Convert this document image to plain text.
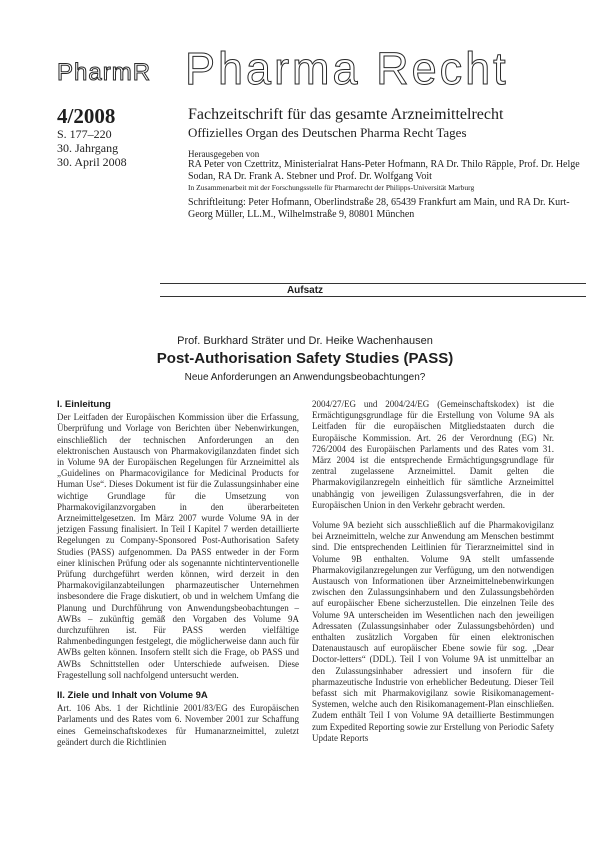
PharmR Pharma Recht
4/2008
S. 177–220
30. Jahrgang
30. April 2008
Fachzeitschrift für das gesamte Arzneimittelrecht
Offizielles Organ des Deutschen Pharma Recht Tages
Herausgegeben von
RA Peter von Czettritz, Ministerialrat Hans-Peter Hofmann, RA Dr. Thilo Räpple, Prof. Dr. Helge Sodan, RA Dr. Frank A. Stebner und Prof. Dr. Wolfgang Voit
In Zusammenarbeit mit der Forschungsstelle für Pharmarecht der Philipps-Universität Marburg
Schriftleitung: Peter Hofmann, Oberlindstraße 28, 65439 Frankfurt am Main, und RA Dr. Kurt-Georg Müller, LL.M., Wilhelmstraße 9, 80801 München
Aufsatz
Prof. Burkhard Sträter und Dr. Heike Wachenhausen
Post-Authorisation Safety Studies (PASS)
Neue Anforderungen an Anwendungsbeobachtungen?
I. Einleitung

Der Leitfaden der Europäischen Kommission über die Erfassung, Überprüfung und Vorlage von Berichten über Nebenwirkungen, einschließlich der technischen Anforderungen an den elektronischen Austausch von Pharmakovigilanzdaten findet sich in Volume 9A der Europäischen Regelungen für Arzneimittel als „Guidelines on Pharmacovigilance for Medicinal Products for Human Use“. Dieses Dokument ist für die Zulassungsinhaber eine wichtige Grundlage für die Umsetzung von Pharmakovigilanzvorgaben in den überarbeiteten Arzneimittelgesetzen. Im März 2007 wurde Volume 9A in der jetzigen Fassung finalisiert. In Teil I Kapitel 7 werden detaillierte Regelungen zu Company-Sponsored Post-Authorisation Safety Studies (PASS) aufgenommen. Da PASS entweder in der Form einer klinischen Prüfung oder als sogenannte nichtinterventionelle Prüfung durchgeführt werden können, wird derzeit in den Pharmakovigilanzabteilungen pharmazeutischer Unternehmen insbesondere die Frage diskutiert, ob und in welchem Umfang die Planung und Durchführung von Anwendungsbeobachtungen – AWBs – zukünftig gemäß den Vorgaben des Volume 9A durchzuführen ist. Für PASS werden vielfältige Rahmenbedingungen festgelegt, die möglicherweise dann auch für AWBs gelten können. Insofern stellt sich die Frage, ob PASS und AWBs Schnittstellen oder Unterschiede aufweisen. Diese Fragestellung soll nachfolgend untersucht werden.

II. Ziele und Inhalt von Volume 9A

Art. 106 Abs. 1 der Richtlinie 2001/83/EG des Europäischen Parlaments und des Rates vom 6. November 2001 zur Schaffung eines Gemeinschaftskodexes für Humanarzneimittel, zuletzt geändert durch die Richtlinien

2004/27/EG und 2004/24/EG (Gemeinschaftskodex) ist die Ermächtigungsgrundlage für die Erstellung von Volume 9A als Leitfaden für die europäischen Mitgliedstaaten durch die Europäische Kommission. Art. 26 der Verordnung (EG) Nr. 726/2004 des Europäischen Parlaments und des Rates vom 31. März 2004 ist die entsprechende Ermächtigungsgrundlage für zentral zugelassene Arzneimittel. Damit gelten die Pharmakovigilanzregeln einheitlich für sämtliche Arzneimittel unabhängig von jeweiligen Zulassungsverfahren, die in der Europäischen Union in den Verkehr gebracht werden.

Volume 9A bezieht sich ausschließlich auf die Pharmakovigilanz bei Arzneimitteln, welche zur Anwendung am Menschen bestimmt sind. Die entsprechenden Leitlinien für Tierarzneimittel sind in Volume 9B enthalten. Volume 9A stellt umfassende Pharmakovigilanzregelungen zur Verfügung, um den notwendigen Austausch von Informationen über Arzneimittelnebenwirkungen zwischen den Zulassungsinhabern und den Zulassungsbehörden auf europäischer Ebene sicherzustellen. Die einzelnen Teile des Volume 9A unterscheiden im Wesentlichen nach den jeweiligen Adressaten (Zulassungsinhaber oder Zulassungsbehörden) und enthalten zusätzlich Vorgaben für einen elektronischen Datenaustausch auf europäischer Ebene sowie für sog. „Dear Doctor-letters“ (DDL). Teil I von Volume 9A ist unmittelbar an den Zulassungsinhaber adressiert und insofern für die pharmazeutische Industrie von erheblicher Bedeutung. Dieser Teil befasst sich mit Pharmakovigilanz sowie Risikomanagement-Systemen, welche auch den Risikomanagement-Plan einschließen. Zudem enthält Teil I von Volume 9A detaillierte Bestimmungen zum Expedited Reporting sowie zur Erstellung von Periodic Safety Update Reports
